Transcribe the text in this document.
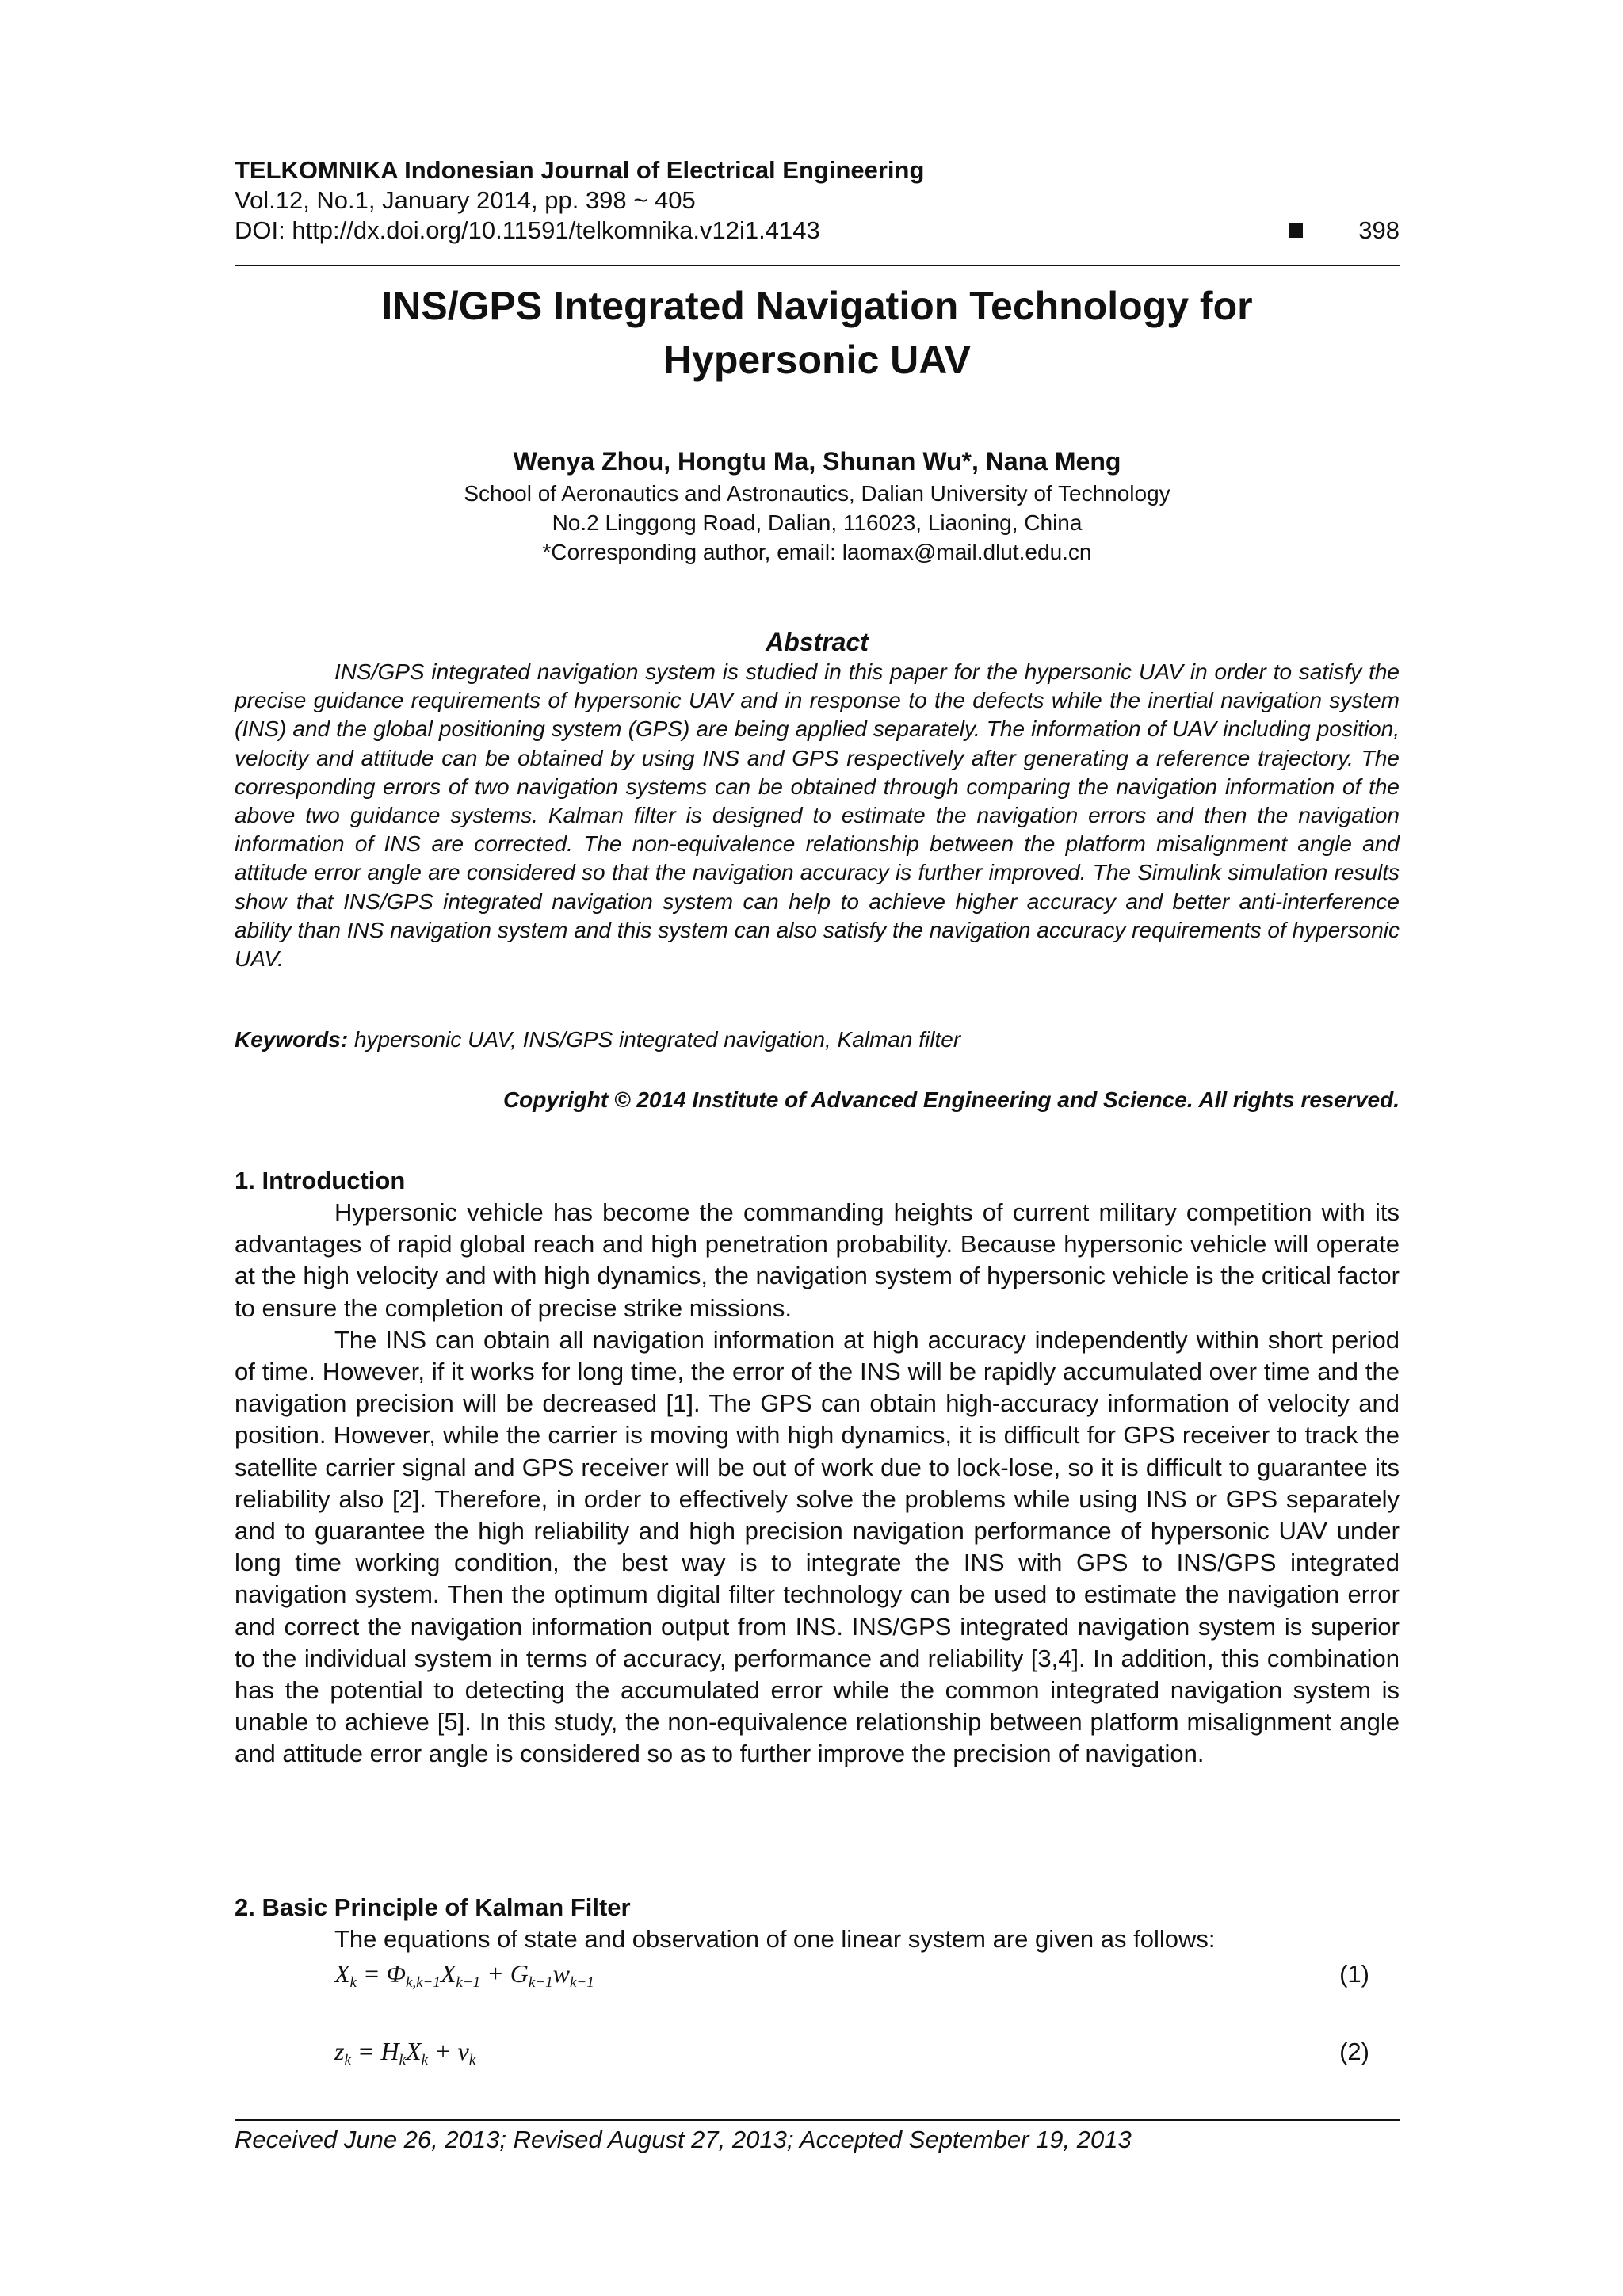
TELKOMNIKA Indonesian Journal of Electrical Engineering
Vol.12, No.1, January 2014, pp. 398 ~ 405
DOI: http://dx.doi.org/10.11591/telkomnika.v12i1.4143	398
INS/GPS Integrated Navigation Technology for
Hypersonic UAV
Wenya Zhou, Hongtu Ma, Shunan Wu*, Nana Meng
School of Aeronautics and Astronautics, Dalian University of Technology
No.2 Linggong Road, Dalian, 116023, Liaoning, China
*Corresponding author, email: laomax@mail.dlut.edu.cn
Abstract

INS/GPS integrated navigation system is studied in this paper for the hypersonic UAV in order to satisfy the precise guidance requirements of hypersonic UAV and in response to the defects while the inertial navigation system (INS) and the global positioning system (GPS) are being applied separately. The information of UAV including position, velocity and attitude can be obtained by using INS and GPS respectively after generating a reference trajectory. The corresponding errors of two navigation systems can be obtained through comparing the navigation information of the above two guidance systems. Kalman filter is designed to estimate the navigation errors and then the navigation information of INS are corrected. The non-equivalence relationship between the platform misalignment angle and attitude error angle are considered so that the navigation accuracy is further improved. The Simulink simulation results show that INS/GPS integrated navigation system can help to achieve higher accuracy and better anti-interference ability than INS navigation system and this system can also satisfy the navigation accuracy requirements of hypersonic UAV.

Keywords: hypersonic UAV, INS/GPS integrated navigation, Kalman filter
Copyright © 2014 Institute of Advanced Engineering and Science. All rights reserved.
1. Introduction

Hypersonic vehicle has become the commanding heights of current military competition with its advantages of rapid global reach and high penetration probability. Because hypersonic vehicle will operate at the high velocity and with high dynamics, the navigation system of hypersonic vehicle is the critical factor to ensure the completion of precise strike missions.

The INS can obtain all navigation information at high accuracy independently within short period of time. However, if it works for long time, the error of the INS will be rapidly accumulated over time and the navigation precision will be decreased [1]. The GPS can obtain high-accuracy information of velocity and position. However, while the carrier is moving with high dynamics, it is difficult for GPS receiver to track the satellite carrier signal and GPS receiver will be out of work due to lock-lose, so it is difficult to guarantee its reliability also [2]. Therefore, in order to effectively solve the problems while using INS or GPS separately and to guarantee the high reliability and high precision navigation performance of hypersonic UAV under long time working condition, the best way is to integrate the INS with GPS to INS/GPS integrated navigation system. Then the optimum digital filter technology can be used to estimate the navigation error and correct the navigation information output from INS. INS/GPS integrated navigation system is superior to the individual system in terms of accuracy, performance and reliability [3,4]. In addition, this combination has the potential to detecting the accumulated error while the common integrated navigation system is unable to achieve [5]. In this study, the non-equivalence relationship between platform misalignment angle and attitude error angle is considered so as to further improve the precision of navigation.

2. Basic Principle of Kalman Filter
The equations of state and observation of one linear system are given as follows:
$X_k = \Phi_{k,k-1}X_{k-1} + G_{k-1}w_{k-1}$	(1)
$z_k = H_kX_k + v_k$	(2)
Received June 26, 2013; Revised August 27, 2013; Accepted September 19, 2013
